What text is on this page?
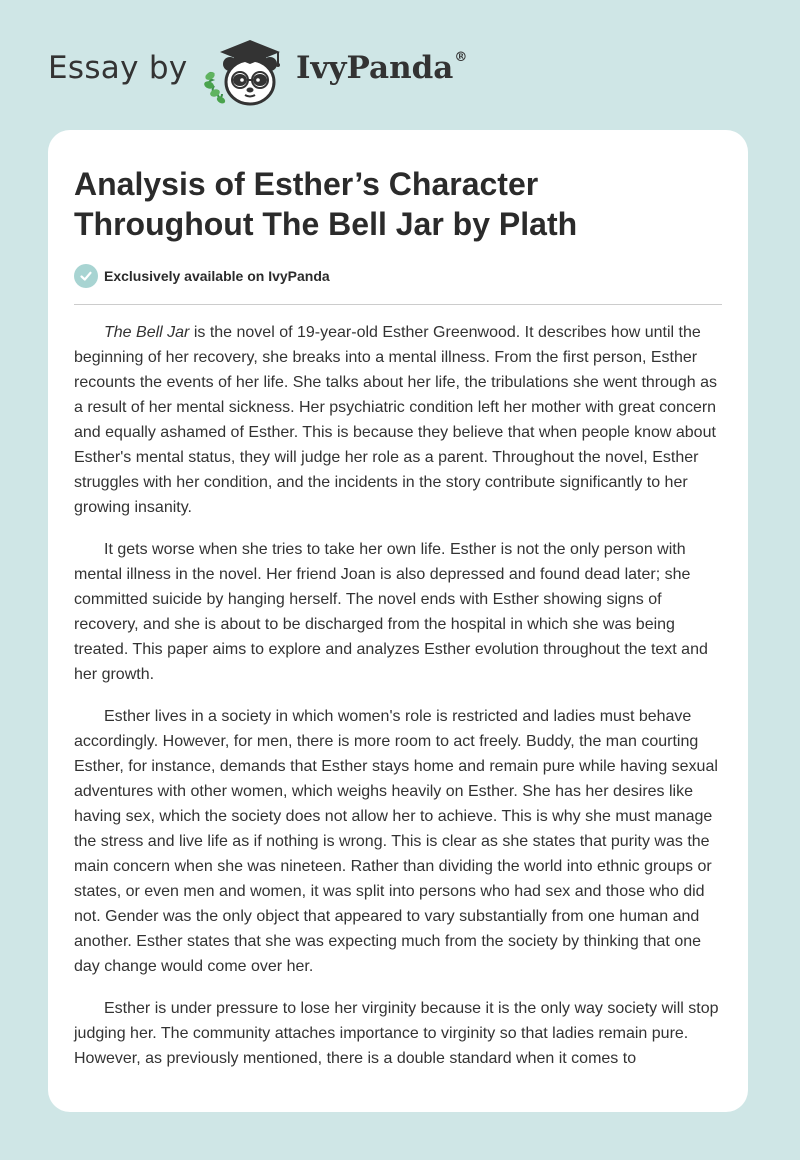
Essay by	IvyPanda®
Analysis of Esther’s Character Throughout The Bell Jar by Plath
Exclusively available on IvyPanda

The Bell Jar is the novel of 19-year-old Esther Greenwood. It describes how until the beginning of her recovery, she breaks into a mental illness. From the first person, Esther recounts the events of her life. She talks about her life, the tribulations she went through as a result of her mental sickness. Her psychiatric condition left her mother with great concern and equally ashamed of Esther. This is because they believe that when people know about Esther's mental status, they will judge her role as a parent. Throughout the novel, Esther struggles with her condition, and the incidents in the story contribute significantly to her growing insanity.

It gets worse when she tries to take her own life. Esther is not the only person with mental illness in the novel. Her friend Joan is also depressed and found dead later; she committed suicide by hanging herself. The novel ends with Esther showing signs of recovery, and she is about to be discharged from the hospital in which she was being treated. This paper aims to explore and analyzes Esther evolution throughout the text and her growth.

Esther lives in a society in which women's role is restricted and ladies must behave accordingly. However, for men, there is more room to act freely. Buddy, the man courting Esther, for instance, demands that Esther stays home and remain pure while having sexual adventures with other women, which weighs heavily on Esther. She has her desires like having sex, which the society does not allow her to achieve. This is why she must manage the stress and live life as if nothing is wrong. This is clear as she states that purity was the main concern when she was nineteen. Rather than dividing the world into ethnic groups or states, or even men and women, it was split into persons who had sex and those who did not. Gender was the only object that appeared to vary substantially from one human and another. Esther states that she was expecting much from the society by thinking that one day change would come over her.

Esther is under pressure to lose her virginity because it is the only way society will stop judging her. The community attaches importance to virginity so that ladies remain pure. However, as previously mentioned, there is a double standard when it comes to
